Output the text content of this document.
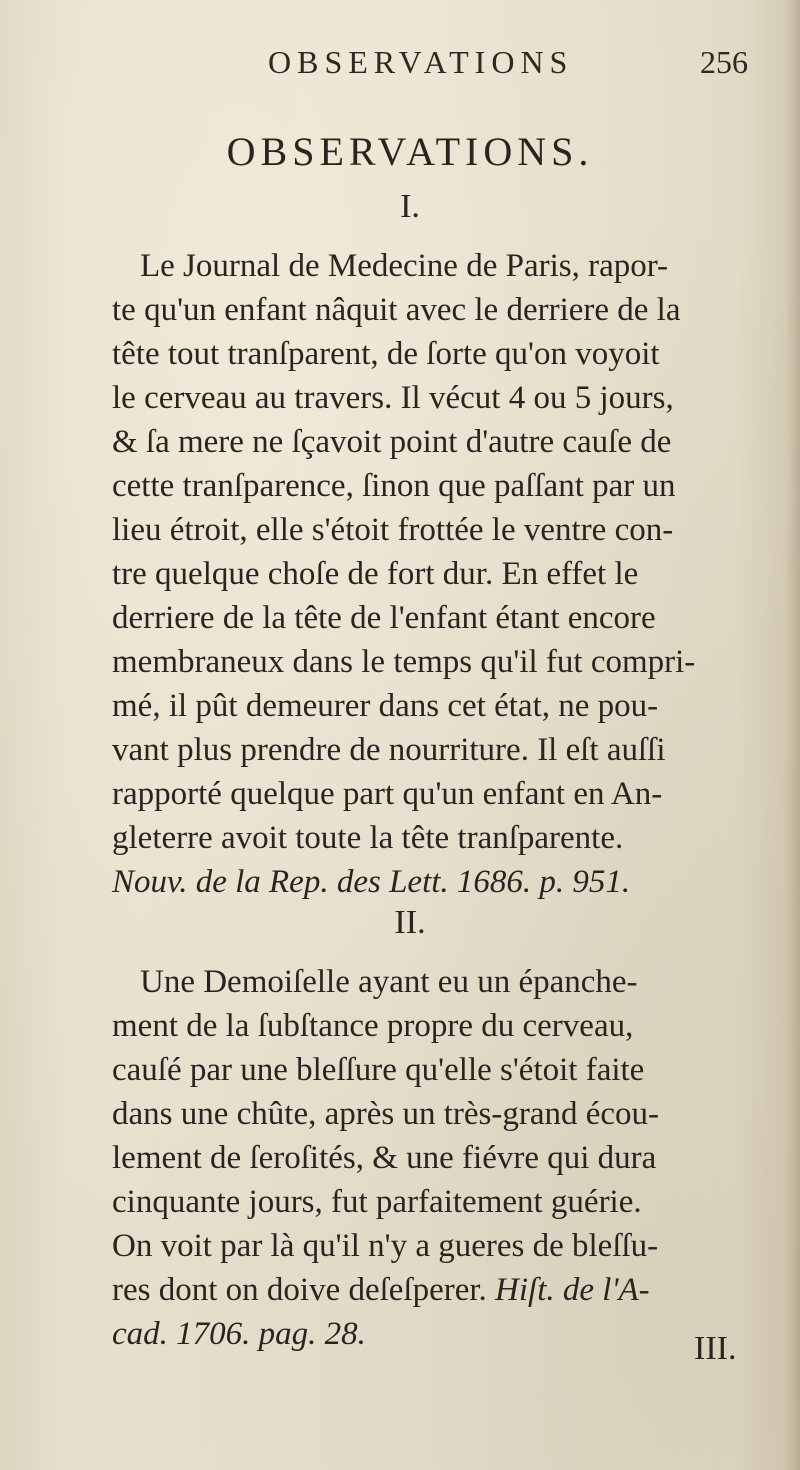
OBSERVATIONS	256
OBSERVATIONS.
I.
Le Journal de Medecine de Paris, rapor-
te qu'un enfant nâquit avec le derriere de la
tête tout tranſparent, de ſorte qu'on voyoit
le cerveau au travers. Il vécut 4 ou 5 jours,
& ſa mere ne ſçavoit point d'autre cauſe de
cette tranſparence, ſinon que paſſant par un
lieu étroit, elle s'étoit frottée le ventre con-
tre quelque choſe de fort dur. En effet le
derriere de la tête de l'enfant étant encore
membraneux dans le temps qu'il fut compri-
mé, il pût demeurer dans cet état, ne pou-
vant plus prendre de nourriture. Il eſt auſſi
rapporté quelque part qu'un enfant en An-
gleterre avoit toute la tête tranſparente.
Nouv. de la Rep. des Lett. 1686. p. 951.
II.
Une Demoiſelle ayant eu un épanche-
ment de la ſubſtance propre du cerveau,
cauſé par une bleſſure qu'elle s'étoit faite
dans une chûte, après un très-grand écou-
lement de ſeroſités, & une fiévre qui dura
cinquante jours, fut parfaitement guérie.
On voit par là qu'il n'y a gueres de bleſſu-
res dont on doive deſeſperer. Hiſt. de l'A-
cad. 1706. pag. 28.	III.
